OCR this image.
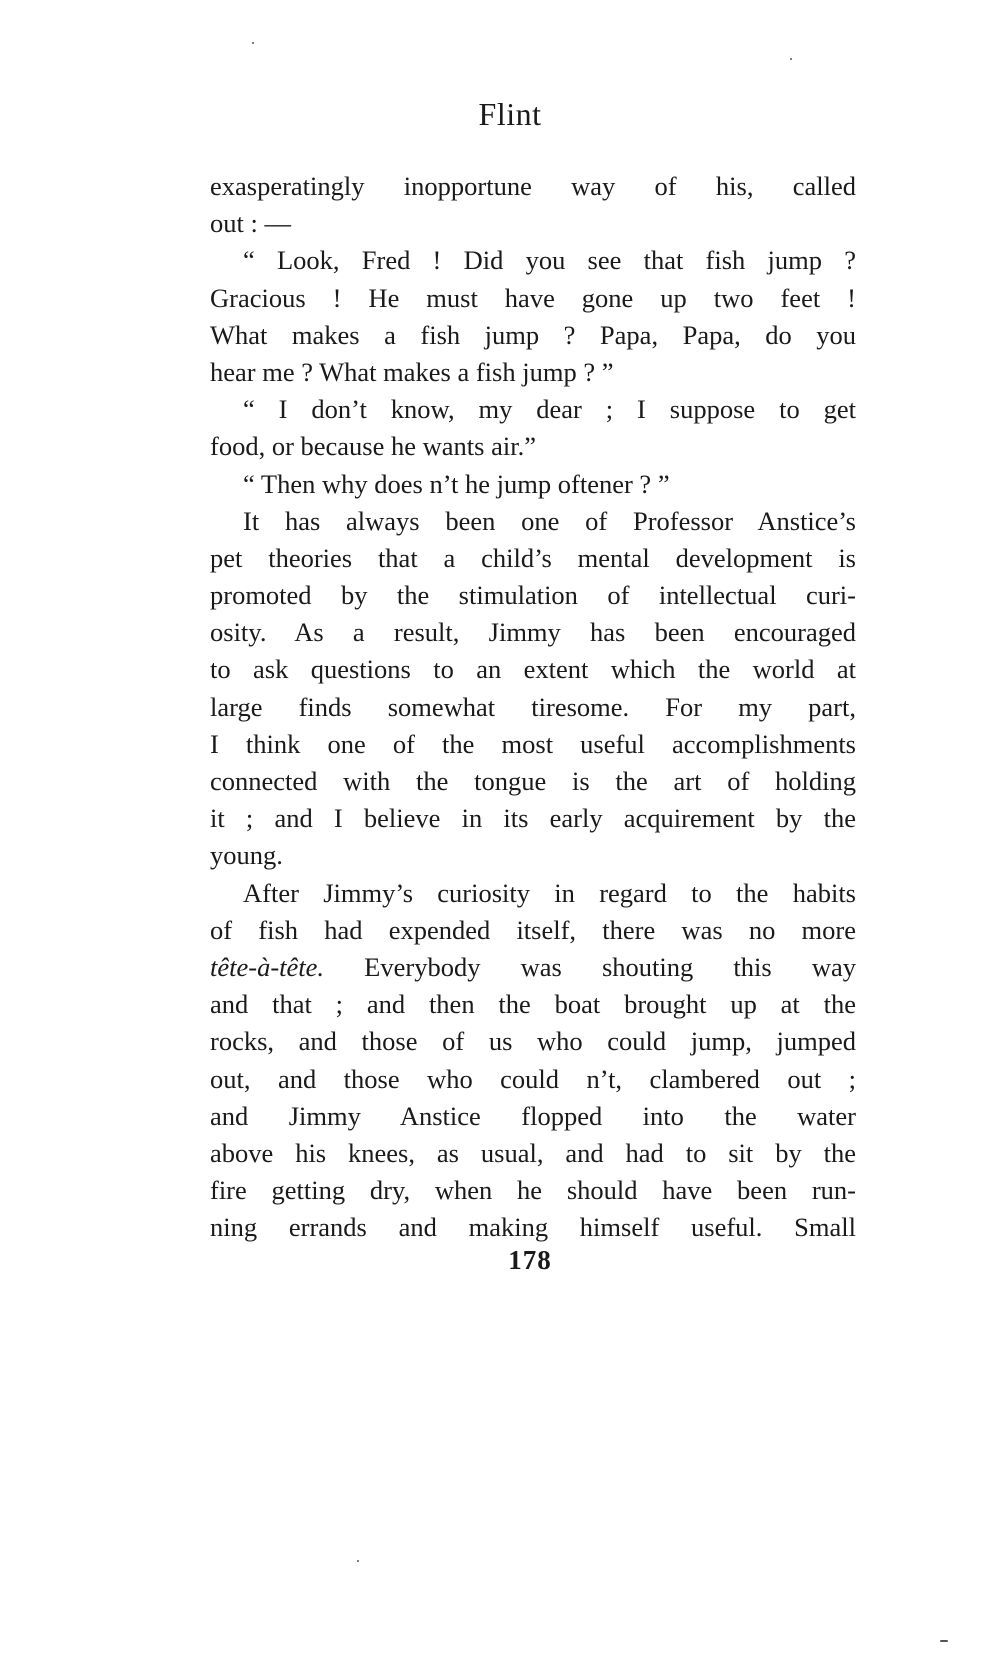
Flint
exasperatingly inopportune way of his, called
out : —
“ Look, Fred ! Did you see that fish jump ?
Gracious ! He must have gone up two feet !
What makes a fish jump ? Papa, Papa, do you
hear me ? What makes a fish jump ? ”
“ I don’t know, my dear ; I suppose to get
food, or because he wants air.”
“ Then why does n’t he jump oftener ? ”
It has always been one of Professor Anstice’s
pet theories that a child’s mental development is
promoted by the stimulation of intellectual curi-
osity. As a result, Jimmy has been encouraged
to ask questions to an extent which the world at
large finds somewhat tiresome. For my part,
I think one of the most useful accomplishments
connected with the tongue is the art of holding
it ; and I believe in its early acquirement by the
young.
After Jimmy’s curiosity in regard to the habits
of fish had expended itself, there was no more
tête-à-tête. Everybody was shouting this way
and that ; and then the boat brought up at the
rocks, and those of us who could jump, jumped
out, and those who could n’t, clambered out ;
and Jimmy Anstice flopped into the water
above his knees, as usual, and had to sit by the
fire getting dry, when he should have been run-
ning errands and making himself useful. Small
178
